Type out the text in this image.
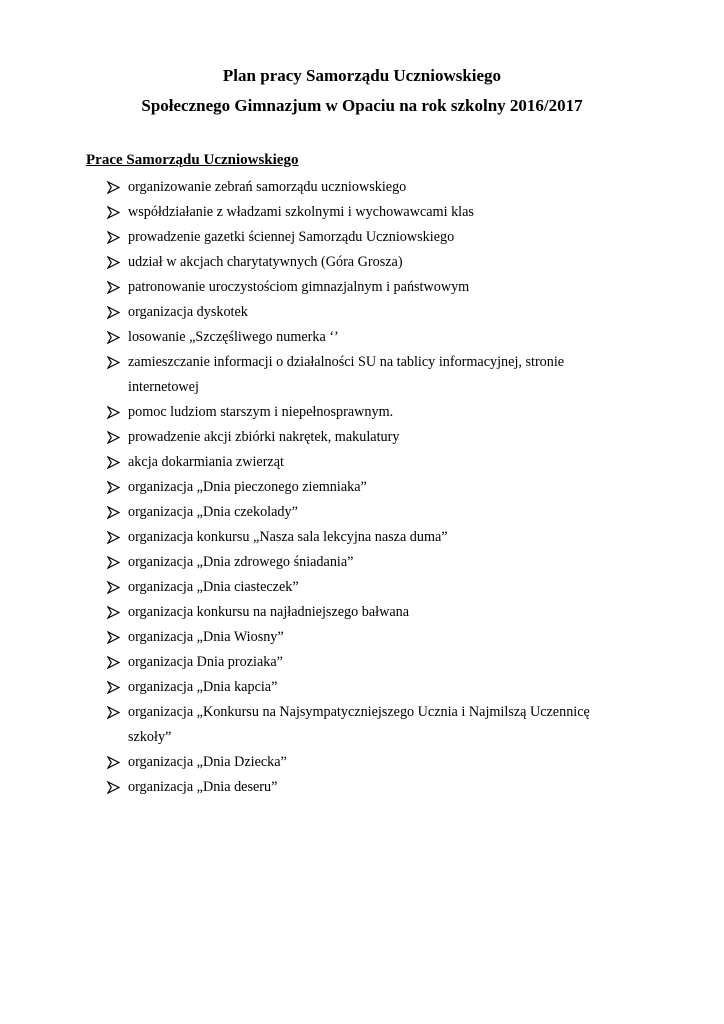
Plan pracy Samorządu Uczniowskiego
Społecznego Gimnazjum w Opaciu na rok szkolny 2016/2017
Prace Samorządu Uczniowskiego
organizowanie zebrań samorządu uczniowskiego
współdziałanie z władzami szkolnymi i wychowawcami klas
prowadzenie gazetki ściennej Samorządu Uczniowskiego
udział w akcjach charytatywnych (Góra Grosza)
patronowanie uroczystościom gimnazjalnym i państwowym
organizacja dyskotek
losowanie „Szczęśliwego numerka ‘’
zamieszczanie informacji o działalności SU na tablicy informacyjnej, stronie internetowej
pomoc ludziom starszym i niepełnosprawnym.
prowadzenie akcji zbiórki nakrętek, makulatury
akcja dokarmiania zwierząt
organizacja „Dnia pieczonego ziemniaka”
organizacja „Dnia czekolady”
organizacja konkursu „Nasza sala lekcyjna nasza duma”
organizacja „Dnia zdrowego śniadania”
organizacja „Dnia ciasteczek”
organizacja konkursu na najładniejszego bałwana
organizacja „Dnia Wiosny”
organizacja Dnia proziaka”
organizacja „Dnia kapcia”
organizacja „Konkursu na Najsympatyczniejszego Ucznia i Najmilszą Uczennicę szkoły”
organizacja „Dnia Dziecka”
organizacja „Dnia deseru”
